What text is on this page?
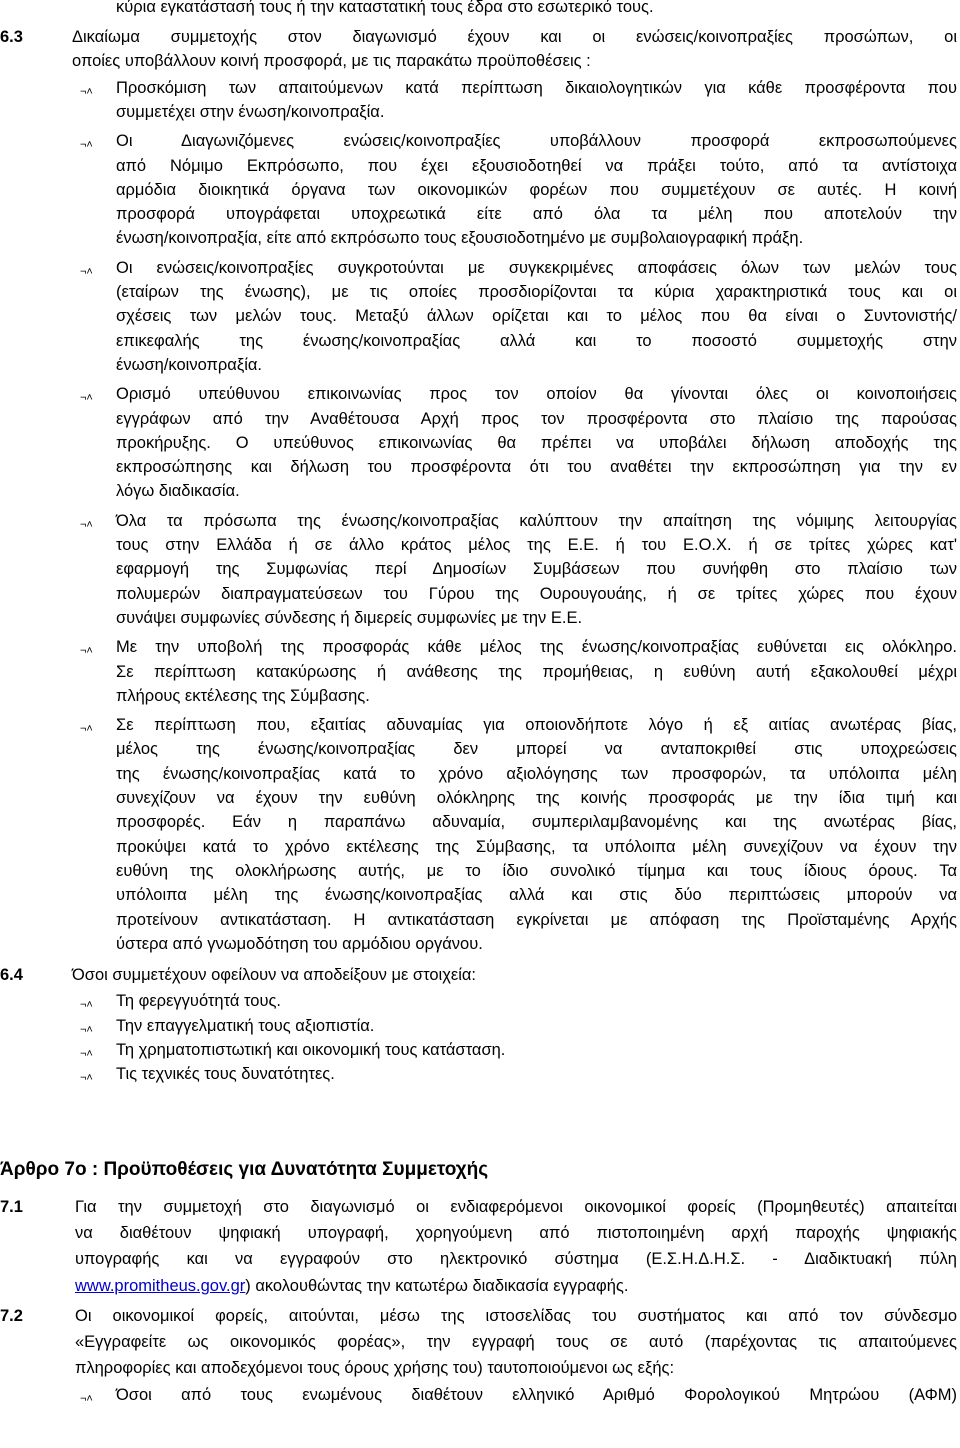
κύρια εγκατάστασή τους ή την καταστατική τους έδρα στο εσωτερικό τους.
6.3	Δικαίωμα συμμετοχής στον διαγωνισμό έχουν και οι ενώσεις/κοινοπραξίες προσώπων, οι
οποίες υποβάλλουν κοινή προσφορά, με τις παρακάτω προϋποθέσεις :
¬˄ Προσκόμιση των απαιτούμενων κατά περίπτωση δικαιολογητικών για κάθε προσφέροντα που
συμμετέχει στην ένωση/κοινοπραξία.
¬˄ Οι Διαγωνιζόμενες ενώσεις/κοινοπραξίες υποβάλλουν προσφορά εκπροσωπούμενες
από Νόμιμο Εκπρόσωπο, που έχει εξουσιοδοτηθεί να πράξει τούτο, από τα αντίστοιχα
αρμόδια διοικητικά όργανα των οικονομικών φορέων που συμμετέχουν σε αυτές. Η κοινή
προσφορά υπογράφεται υποχρεωτικά είτε από όλα τα μέλη που αποτελούν την
ένωση/κοινοπραξία, είτε από εκπρόσωπο τους εξουσιοδοτημένο με συμβολαιογραφική πράξη.
¬˄ Οι ενώσεις/κοινοπραξίες συγκροτούνται με συγκεκριμένες αποφάσεις όλων των μελών τους
(εταίρων της ένωσης), με τις οποίες προσδιορίζονται τα κύρια χαρακτηριστικά τους και οι
σχέσεις των μελών τους. Μεταξύ άλλων ορίζεται και το μέλος που θα είναι ο Συντονιστής/
επικεφαλής της ένωσης/κοινοπραξίας αλλά και το ποσοστό συμμετοχής στην
ένωση/κοινοπραξία.
¬˄ Ορισμό υπεύθυνου επικοινωνίας προς τον οποίον θα γίνονται όλες οι κοινοποιήσεις
εγγράφων από την Αναθέτουσα Αρχή προς τον προσφέροντα στο πλαίσιο της παρούσας
προκήρυξης. Ο υπεύθυνος επικοινωνίας θα πρέπει να υποβάλει δήλωση αποδοχής της
εκπροσώπησης και δήλωση του προσφέροντα ότι του αναθέτει την εκπροσώπηση για την εν
λόγω διαδικασία.
¬˄ Όλα τα πρόσωπα της ένωσης/κοινοπραξίας καλύπτουν την απαίτηση της νόμιμης λειτουργίας
τους στην Ελλάδα ή σε άλλο κράτος μέλος της Ε.Ε. ή του Ε.Ο.Χ. ή σε τρίτες χώρες κατ'
εφαρμογή της Συμφωνίας περί Δημοσίων Συμβάσεων που συνήφθη στο πλαίσιο των
πολυμερών διαπραγματεύσεων του Γύρου της Ουρουγουάης, ή σε τρίτες χώρες που έχουν
συνάψει συμφωνίες σύνδεσης ή διμερείς συμφωνίες με την Ε.Ε.
¬˄ Με την υποβολή της προσφοράς κάθε μέλος της ένωσης/κοινοπραξίας ευθύνεται εις ολόκληρο.
Σε περίπτωση κατακύρωσης ή ανάθεσης της προμήθειας, η ευθύνη αυτή εξακολουθεί μέχρι
πλήρους εκτέλεσης της Σύμβασης.
¬˄ Σε περίπτωση που, εξαιτίας αδυναμίας για οποιονδήποτε λόγο ή εξ αιτίας ανωτέρας βίας,
μέλος της ένωσης/κοινοπραξίας δεν μπορεί να ανταποκριθεί στις υποχρεώσεις
της ένωσης/κοινοπραξίας κατά το χρόνο αξιολόγησης των προσφορών, τα υπόλοιπα μέλη
συνεχίζουν να έχουν την ευθύνη ολόκληρης της κοινής προσφοράς με την ίδια τιμή και
προσφορές. Εάν η παραπάνω αδυναμία, συμπεριλαμβανομένης και της ανωτέρας βίας,
προκύψει κατά το χρόνο εκτέλεσης της Σύμβασης, τα υπόλοιπα μέλη συνεχίζουν να έχουν την
ευθύνη της ολοκλήρωσης αυτής, με το ίδιο συνολικό τίμημα και τους ίδιους όρους. Τα
υπόλοιπα μέλη της ένωσης/κοινοπραξίας αλλά και στις δύο περιπτώσεις μπορούν να
προτείνουν αντικατάσταση. Η αντικατάσταση εγκρίνεται με απόφαση της Προϊσταμένης Αρχής
ύστερα από γνωμοδότηση του αρμόδιου οργάνου.
6.4	Όσοι συμμετέχουν οφείλουν να αποδείξουν με στοιχεία:
¬˄ Τη φερεγγυότητά τους.
¬˄ Την επαγγελματική τους αξιοπιστία.
¬˄ Τη χρηματοπιστωτική και οικονομική τους κατάσταση.
¬˄ Τις τεχνικές τους δυνατότητες.
Άρθρο 7ο : Προϋποθέσεις για Δυνατότητα Συμμετοχής
7.1	Για την συμμετοχή στο διαγωνισμό οι ενδιαφερόμενοι οικονομικοί φορείς (Προμηθευτές) απαιτείται
να διαθέτουν ψηφιακή υπογραφή, χορηγούμενη από πιστοποιημένη αρχή παροχής ψηφιακής
υπογραφής και να εγγραφούν στο ηλεκτρονικό σύστημα (Ε.Σ.Η.Δ.Η.Σ. - Διαδικτυακή πύλη
www.promitheus.gov.gr) ακολουθώντας την κατωτέρω διαδικασία εγγραφής.
7.2	Οι οικονομικοί φορείς, αιτούνται, μέσω της ιστοσελίδας του συστήματος και από τον σύνδεσμο
«Εγγραφείτε ως οικονομικός φορέας», την εγγραφή τους σε αυτό (παρέχοντας τις απαιτούμενες
πληροφορίες και αποδεχόμενοι τους όρους χρήσης του) ταυτοποιούμενοι ως εξής:
¬˄ Όσοι από τους ενωμένους διαθέτουν ελληνικό Αριθμό Φορολογικού Μητρώου (ΑΦΜ)
